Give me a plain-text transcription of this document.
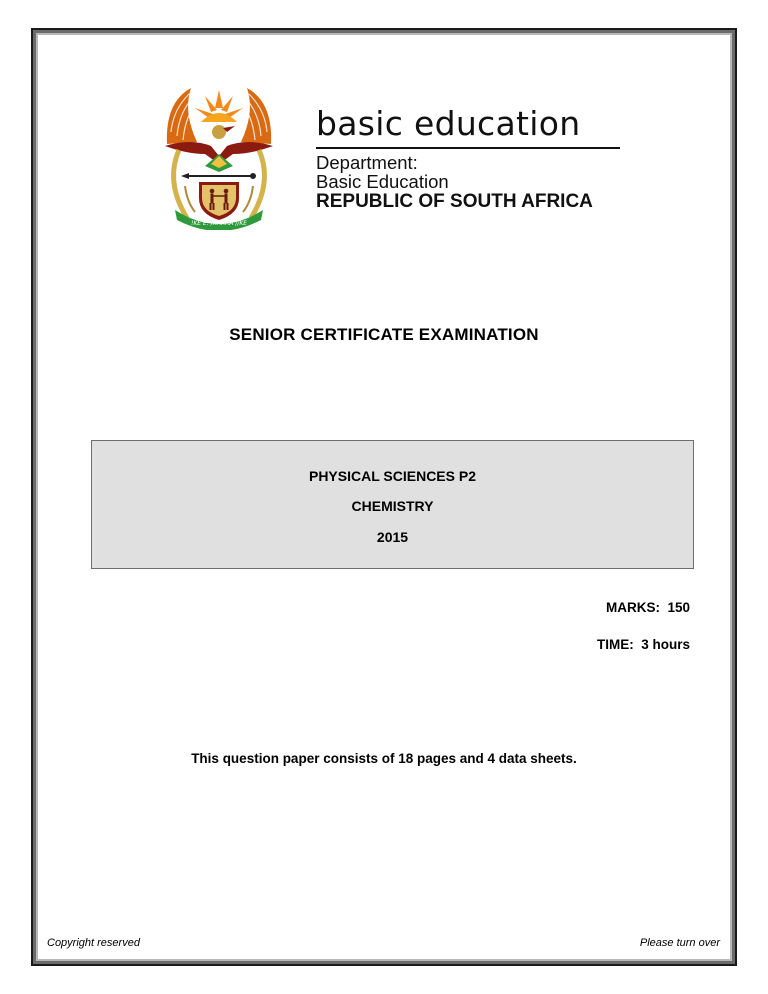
!KE E: /XARRA //KE
basic education
Department:
Basic Education
REPUBLIC OF SOUTH AFRICA
SENIOR CERTIFICATE EXAMINATION
PHYSICAL SCIENCES P2
CHEMISTRY
2015
MARKS:  150
TIME:  3 hours
This question paper consists of 18 pages and 4 data sheets.
Copyright reserved	Please turn over
